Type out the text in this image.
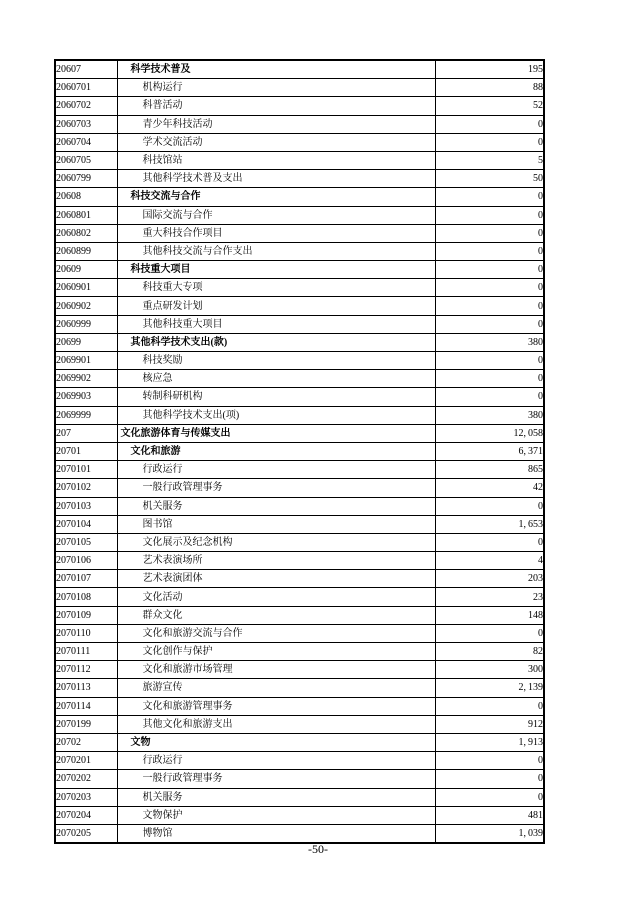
20607	科学技术普及	195
2060701	机构运行	88
2060702	科普活动	52
2060703	青少年科技活动	0
2060704	学术交流活动	0
2060705	科技馆站	5
2060799	其他科学技术普及支出	50
20608	科技交流与合作	0
2060801	国际交流与合作	0
2060802	重大科技合作项目	0
2060899	其他科技交流与合作支出	0
20609	科技重大项目	0
2060901	科技重大专项	0
2060902	重点研发计划	0
2060999	其他科技重大项目	0
20699	其他科学技术支出(款)	380
2069901	科技奖励	0
2069902	核应急	0
2069903	转制科研机构	0
2069999	其他科学技术支出(项)	380
207	文化旅游体育与传媒支出	12, 058
20701	文化和旅游	6, 371
2070101	行政运行	865
2070102	一般行政管理事务	42
2070103	机关服务	0
2070104	图书馆	1, 653
2070105	文化展示及纪念机构	0
2070106	艺术表演场所	4
2070107	艺术表演团体	203
2070108	文化活动	23
2070109	群众文化	148
2070110	文化和旅游交流与合作	0
2070111	文化创作与保护	82
2070112	文化和旅游市场管理	300
2070113	旅游宣传	2, 139
2070114	文化和旅游管理事务	0
2070199	其他文化和旅游支出	912
20702	文物	1, 913
2070201	行政运行	0
2070202	一般行政管理事务	0
2070203	机关服务	0
2070204	文物保护	481
2070205	博物馆	1, 039
-50-
